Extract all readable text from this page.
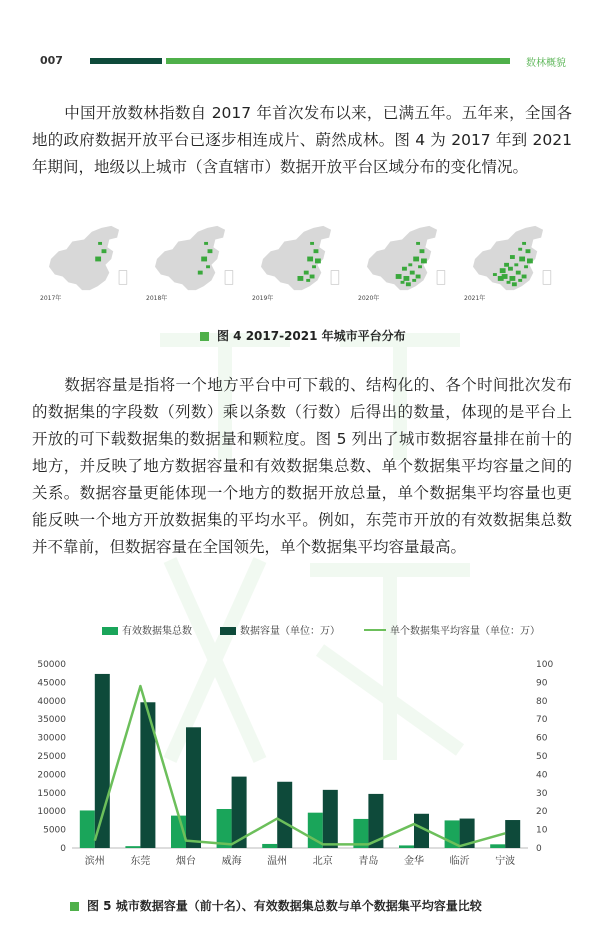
007	数林概貌
中国开放数林指数自 2017 年首次发布以来，已满五年。五年来，全国各地的政府数据开放平台已逐步相连成片、蔚然成林。图 4 为 2017 年到 2021 年期间，地级以上城市（含直辖市）数据开放平台区域分布的变化情况。
2017年	2018年	2019年	2020年	2021年
图 4 2017-2021 年城市平台分布
数据容量是指将一个地方平台中可下载的、结构化的、各个时间批次发布的数据集的字段数（列数）乘以条数（行数）后得出的数量，体现的是平台上开放的可下载数据集的数据量和颗粒度。图 5 列出了城市数据容量排在前十的地方，并反映了地方数据容量和有效数据集总数、单个数据集平均容量之间的关系。数据容量更能体现一个地方的数据开放总量，单个数据集平均容量也更能反映一个地方开放数据集的平均水平。例如，东莞市开放的有效数据集总数并不靠前，但数据容量在全国领先，单个数据集平均容量最高。
有效数据集总数	数据容量（单位：万）	单个数据集平均容量（单位：万）
0
5000
10000
15000
20000
25000
30000
35000
40000
45000
50000
0
10
20
30
40
50
60
70
80
90
100
滨州	东莞	烟台	威海	温州	北京	青岛	金华	临沂	宁波
图 5 城市数据容量（前十名）、有效数据集总数与单个数据集平均容量比较
